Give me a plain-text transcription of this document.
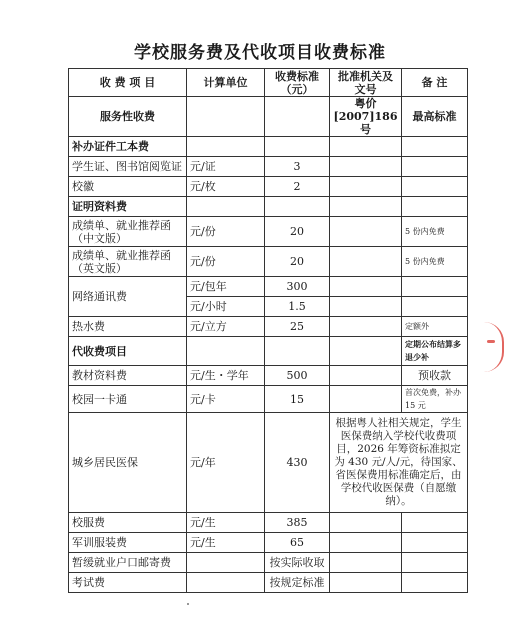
学校服务费及代收项目收费标准
收 费 项 目	计算单位	收费标准（元）	批准机关及文号	备 注
服务性收费			粤价[2007]186 号	最高标准
补办证件工本费				
学生证、图书馆阅览证	元/证	3		
校徽	元/枚	2		
证明资料费				
成绩单、就业推荐函（中文版）	元/份	20		5 份内免费
成绩单、就业推荐函（英文版）	元/份	20		5 份内免费
网络通讯费	元/包年	300		
	元/小时	1.5		
热水费	元/立方	25		定额外
代收费项目				定期公布结算多退少补
教材资料费	元/生・学年	500		预收款
校园一卡通	元/卡	15		首次免费，补办 15 元
城乡居民医保	元/年	430	根据粤人社相关规定，学生医保费纳入学校代收费项目，2026 年筹资标准拟定为 430 元/人/元，待国家、省医保费用标准确定后，由学校代收医保费（自愿缴纳）。	
校服费	元/生	385		
军训服装费	元/生	65		
暂缓就业户口邮寄费		按实际收取		
考试费		按规定标准		
